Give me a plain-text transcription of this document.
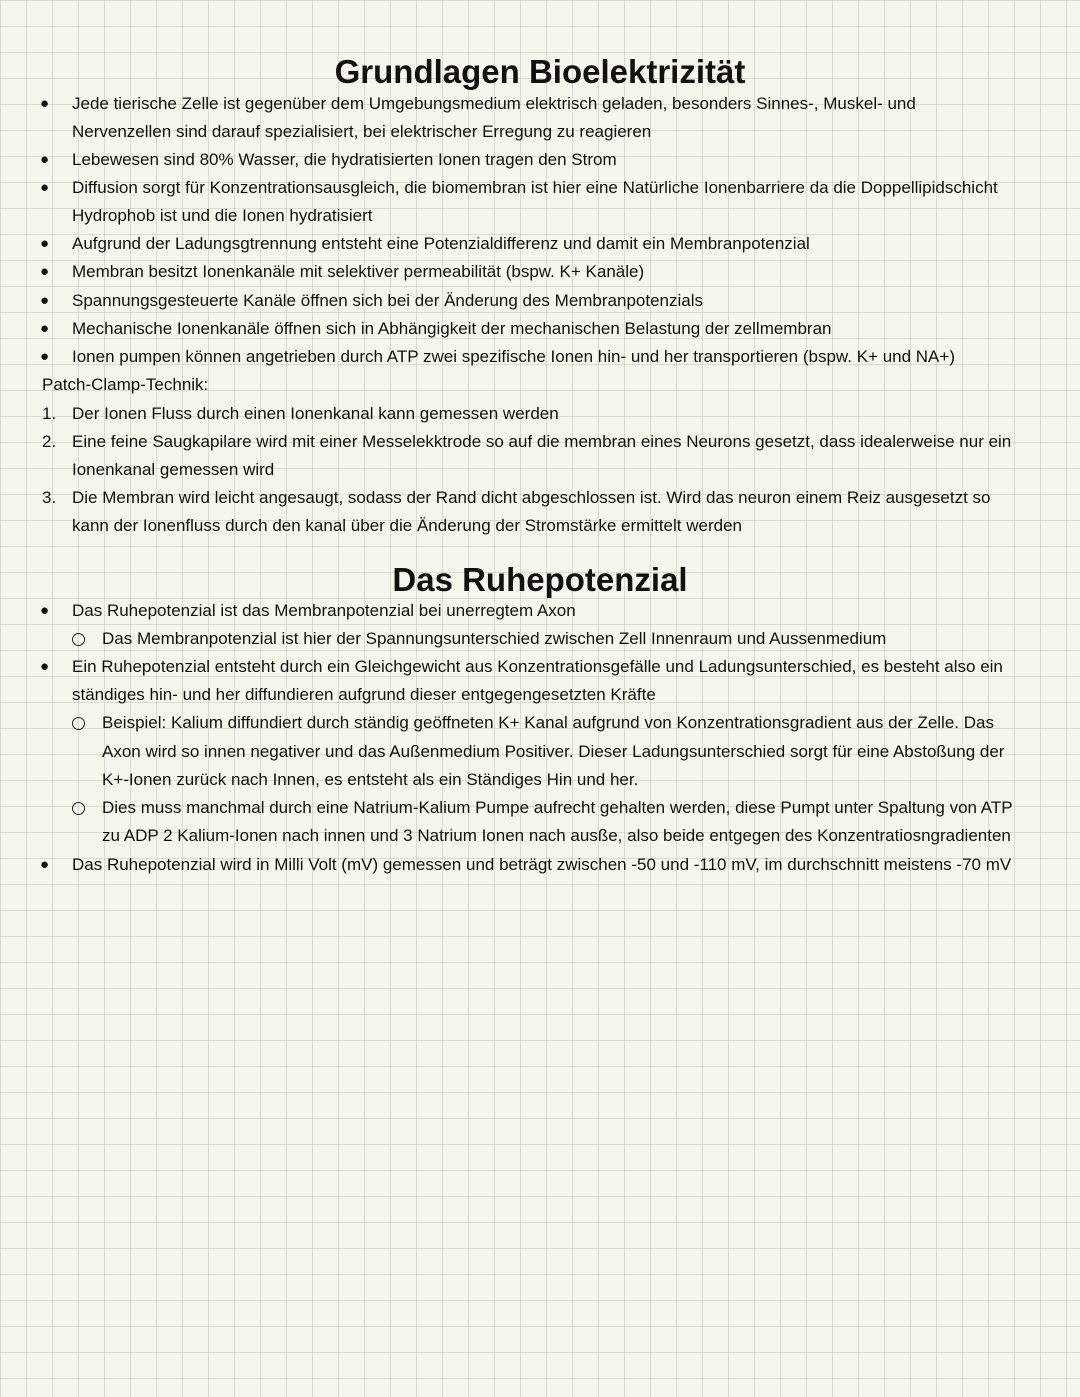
Grundlagen Bioelektrizität
● Jede tierische Zelle ist gegenüber dem Umgebungsmedium elektrisch geladen, besonders Sinnes-, Muskel- und
Nervenzellen sind darauf spezialisiert, bei elektrischer Erregung zu reagieren
● Lebewesen sind 80% Wasser, die hydratisierten Ionen tragen den Strom
● Diffusion sorgt für Konzentrationsausgleich, die biomembran ist hier eine Natürliche Ionenbarriere da die Doppellipidschicht
Hydrophob ist und die Ionen hydratisiert
● Aufgrund der Ladungsgtrennung entsteht eine Potenzialdifferenz und damit ein Membranpotenzial
● Membran besitzt Ionenkanäle mit selektiver permeabilität (bspw. K+ Kanäle)
● Spannungsgesteuerte Kanäle öffnen sich bei der Änderung des Membranpotenzials
● Mechanische Ionenkanäle öffnen sich in Abhängigkeit der mechanischen Belastung der zellmembran
● Ionen pumpen können angetrieben durch ATP zwei spezifische Ionen hin- und her transportieren (bspw. K+ und NA+)
Patch-Clamp-Technik:
1. Der Ionen Fluss durch einen Ionenkanal kann gemessen werden
2. Eine feine Saugkapilare wird mit einer Messelekktrode so auf die membran eines Neurons gesetzt, dass idealerweise nur ein
Ionenkanal gemessen wird
3. Die Membran wird leicht angesaugt, sodass der Rand dicht abgeschlossen ist. Wird das neuron einem Reiz ausgesetzt so
kann der Ionenfluss durch den kanal über die Änderung der Stromstärke ermittelt werden
Das Ruhepotenzial
● Das Ruhepotenzial ist das Membranpotenzial bei unerregtem Axon
Das Membranpotenzial ist hier der Spannungsunterschied zwischen Zell Innenraum und Aussenmedium
● Ein Ruhepotenzial entsteht durch ein Gleichgewicht aus Konzentrationsgefälle und Ladungsunterschied, es besteht also ein
ständiges hin- und her diffundieren aufgrund dieser entgegengesetzten Kräfte
Beispiel: Kalium diffundiert durch ständig geöffneten K+ Kanal aufgrund von Konzentrationsgradient aus der Zelle. Das
Axon wird so innen negativer und das Außenmedium Positiver. Dieser Ladungsunterschied sorgt für eine Abstoßung der
K+-Ionen zurück nach Innen, es entsteht als ein Ständiges Hin und her.
Dies muss manchmal durch eine Natrium-Kalium Pumpe aufrecht gehalten werden, diese Pumpt unter Spaltung von ATP
zu ADP 2 Kalium-Ionen nach innen und 3 Natrium Ionen nach ausße, also beide entgegen des Konzentratiosngradienten
● Das Ruhepotenzial wird in Milli Volt (mV) gemessen und beträgt zwischen -50 und -110 mV, im durchschnitt meistens -70 mV
